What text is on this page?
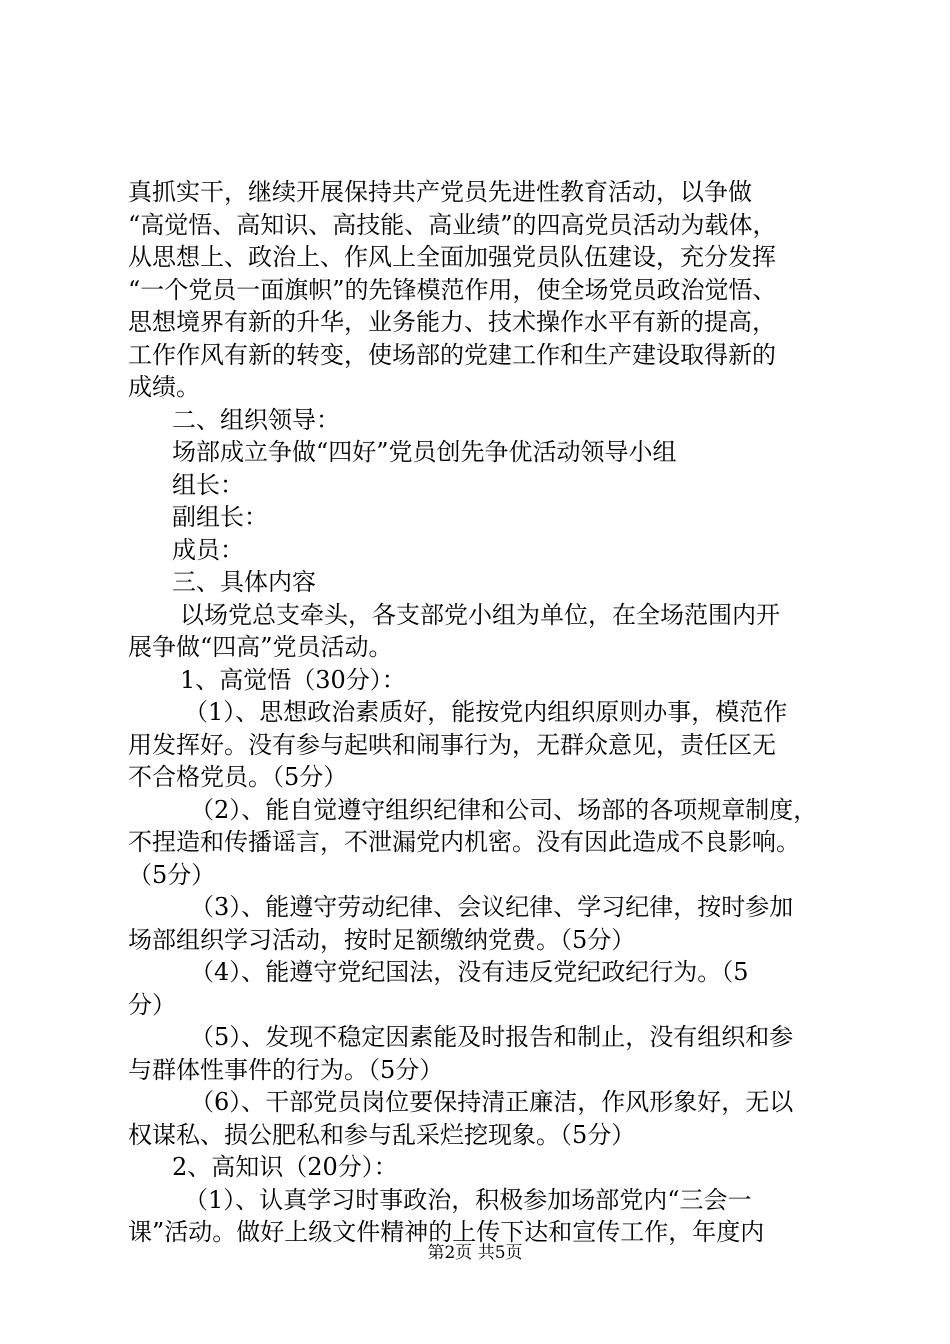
真抓实干，继续开展保持共产党员先进性教育活动，以争做
“高觉悟、高知识、高技能、高业绩”的四高党员活动为载体，
从思想上、政治上、作风上全面加强党员队伍建设，充分发挥
“一个党员一面旗帜”的先锋模范作用，使全场党员政治觉悟、
思想境界有新的升华，业务能力、技术操作水平有新的提高，
工作作风有新的转变，使场部的党建工作和生产建设取得新的
成绩。
二、组织领导：
场部成立争做“四好”党员创先争优活动领导小组
组长：
副组长：
成员：
三、具体内容
以场党总支牵头，各支部党小组为单位，在全场范围内开
展争做“四高”党员活动。
1、高觉悟（30分）：
（1）、思想政治素质好，能按党内组织原则办事，模范作
用发挥好。没有参与起哄和闹事行为，无群众意见，责任区无
不合格党员。（5分）
（2）、能自觉遵守组织纪律和公司、场部的各项规章制度，
不捏造和传播谣言，不泄漏党内机密。没有因此造成不良影响。
（5分）
（3）、能遵守劳动纪律、会议纪律、学习纪律，按时参加
场部组织学习活动，按时足额缴纳党费。（5分）
（4）、能遵守党纪国法，没有违反党纪政纪行为。（5
分）
（5）、发现不稳定因素能及时报告和制止，没有组织和参
与群体性事件的行为。（5分）
（6）、干部党员岗位要保持清正廉洁，作风形象好，无以
权谋私、损公肥私和参与乱采烂挖现象。（5分）
2、高知识（20分）：
（1）、认真学习时事政治，积极参加场部党内“三会一
课”活动。做好上级文件精神的上传下达和宣传工作，年度内
第2页 共5页
